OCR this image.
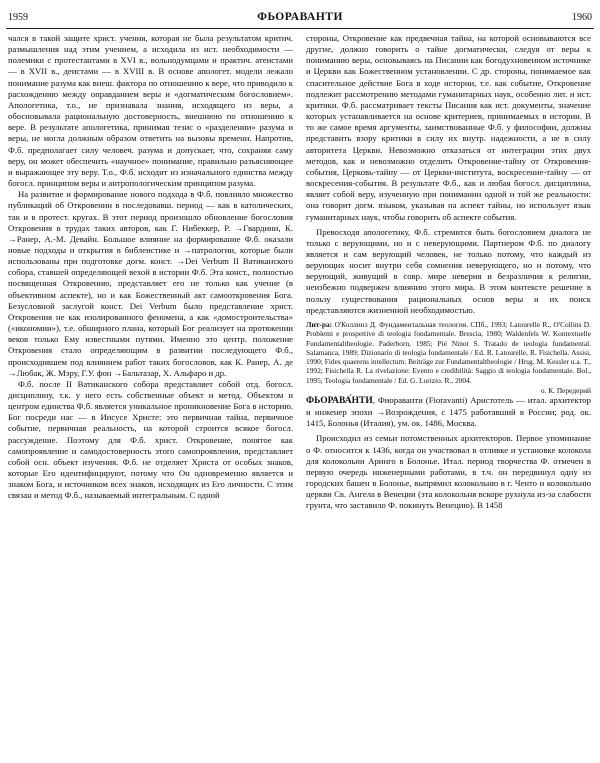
1959	ФЬОРАВАНТИ	1960

чался в такой защите христ. учения, которая не была результатом критич. размышления над этим учением, а исходила из ист. необходимости — полемики с протестантами в XVI в., вольнодумцами и практич. атеистами — в XVII в., деистами — в XVIII в. В основе апологет. модели лежало понимание разума как внеш. фактора по отношению к вере, что приводило к расхождению между оправданием веры и «догматическим богословием». Апологетика, т.о., не признавала знания, исходящего из веры, а обосновывала рациональную достоверность, внешнюю по отношению к вере. В результате апологетика, принимая тезис о «разделении» разума и веры, не могла должным образом ответить на вызовы времени. Напротив, Ф.б. предполагает силу человеч. разума и допускает, что, сохраняя саму веру, он может обеспечить «научное» понимание, правильно разъясняющее и выражающее эту веру. Т.о., Ф.б. исходит из изначального единства между богосл. принципом веры и антропологическим принципом разума.

На развитие и формирование нового подхода в Ф.б. повлияло множество публикаций об Откровении в последовавш. период — как в католических, так и в протест. кругах. В этот период произошло обновление богословия Откровения в трудах таких авторов, как Г. Нибеккер, Р. →Гвардини, К. →Ранер, А.-М. Девайн. Большое влияние на формирование Ф.б. оказали новые подходы и открытия в библеистике и →патрологии, которые были использованы при подготовке догм. конст. →Dei Verbum II Ватиканского собора, ставшей определяющей вехой в истории Ф.б. Эта конст., полностью посвященная Откровению, представляет его не только как учение (в объективном аспекте), но и как Божественный акт самооткровения Бога. Безусловной заслугой конст. Dei Verbum было представление христ. Откровения не как изолированного феномена, а как «домостроительства» («икономии»), т.е. обширного плана, который Бог реализует на протяжении веков только Ему известными путями. Именно это центр. положение Откровения стало определяющим в развитии последующего Ф.б., происходившем под влиянием работ таких богословов, как К. Ранер, А. де →Любак, Ж. Мэру, Г.У. фон →Бальтазар, Х. Альфаро и др.

Ф.б. после II Ватиканского собора представляет собой отд. богосл. дисциплину, т.к. у него есть собственные объект и метод. Объектом и центром единства Ф.б. является уникальное проникновение Бога в историю. Бог посреди нас — в Иисусе Христе: это первичная тайна, первичное событие, первичная реальность, на которой строится всякое богосл. рассуждение. Поэтому для Ф.б. христ. Откровение, понятое как самопроявление и самодостоверность этого самопроявления, представляет собой осн. объект изучения. Ф.б. не отделяет Христа от особых знаков, которые Его идентифицируют, потому что Он одновременно является и знаком Бога, и источником всех знаков, исходящих из Его личности. С этим связан и метод Ф.б., называемый интегральным. С одной

стороны, Откровение как предвечная тайна, на которой основываются все другие, должно говорить о тайне догматически, следуя от веры к пониманию веры, основываясь на Писании как богодухновенном источнике и Церкви как Божественном установлении. С др. стороны, понимаемое как спасительное действие Бога в ходе истории, т.е. как событие, Откровение подлежит рассмотрению методами гуманитарных наук, особенно лит. и ист. критики. Ф.б. рассматривает тексты Писания как ист. документы, значение которых устанавливается на основе критериев, принимаемых в истории. В то же самое время аргументы, заимствованные Ф.б. у философии, должны представить взору критики в силу их внутр. надежности, а не в силу авторитета Церкви. Невозможно отказаться от интеграции этих двух методов, как и невозможно отделить Откровение-тайну от Откровения-события, Церковь-тайну — от Церкви-института, воскресение-тайну — от воскресения-события. В результате Ф.б., как и любая богосл. дисциплина, являет собой веру, изученную при понимании одной и той же реальности: она говорит догм. языком, указывая на аспект тайны, но использует язык гуманитарных наук, чтобы говорить об аспекте события.

Превосходя апологетику, Ф.б. стремится быть богословием диалога не только с верующими, но и с неверующими. Партнером Ф.б. по диалогу является и сам верующий человек, не только потому, что каждый из верующих носит внутри себя сомнения неверующего, но и потому, что верующий, живущий в совр. мире неверия и безразличия к религии, неизбежно подвержен влиянию этого мира. В этом контексте решение в пользу существования рациональных основ веры и их поиск представляются жизненной необходимостью.

Лит-ра: О'Коллинз Д. Фундаментальная теология. СПб., 1993; Latourelle R., O'Collins D. Problemi e prospettive di teologia fondamentale. Brescia, 1980; Waldenfels W. Kontextuelle Fundamentaltheologie. Paderborn, 1985; Pié Ninot S. Tratado de teología fundamental. Salamanca, 1989; Dizionario di teologia fondamentale / Ed. R. Latourelle, R. Fisichella. Assisi, 1990; Fides quaerens intellectum: Beiträge zur Fundamentaltheologie / Hrsg. M. Kessler u.a. T., 1992; Fisichella R. La rivelazione: Evento e credibilità: Saggio di teologia fondamentale. Bol., 1995; Teologia fondamentale / Ed. G. Lorizio. R., 2004.
о. К. Передерий

ФЬОРАВА́НТИ, Фиораванти (Fioravanti) Аристотель — итал. архитектор и инженер эпохи →Возрождения, с 1475 работавший в России; род. ок. 1415, Болонья (Италия), ум. ок. 1486, Москва.

Происходил из семьи потомственных архитекторов. Первое упоминание о Ф. относится к 1436, когда он участвовал в отливке и установке колокола для колокольни Аринго в Болонье. Итал. период творчества Ф. отмечен в первую очередь инженерными работами, в т.ч. он передвинул одну из городских башен в Болонье, выпрямил колокольню в г. Ченто и колокольню церкви Св. Ангела в Венеции (эта колокольня вскоре рухнула из-за слабости грунта, что заставило Ф. покинуть Венецию). В 1458
